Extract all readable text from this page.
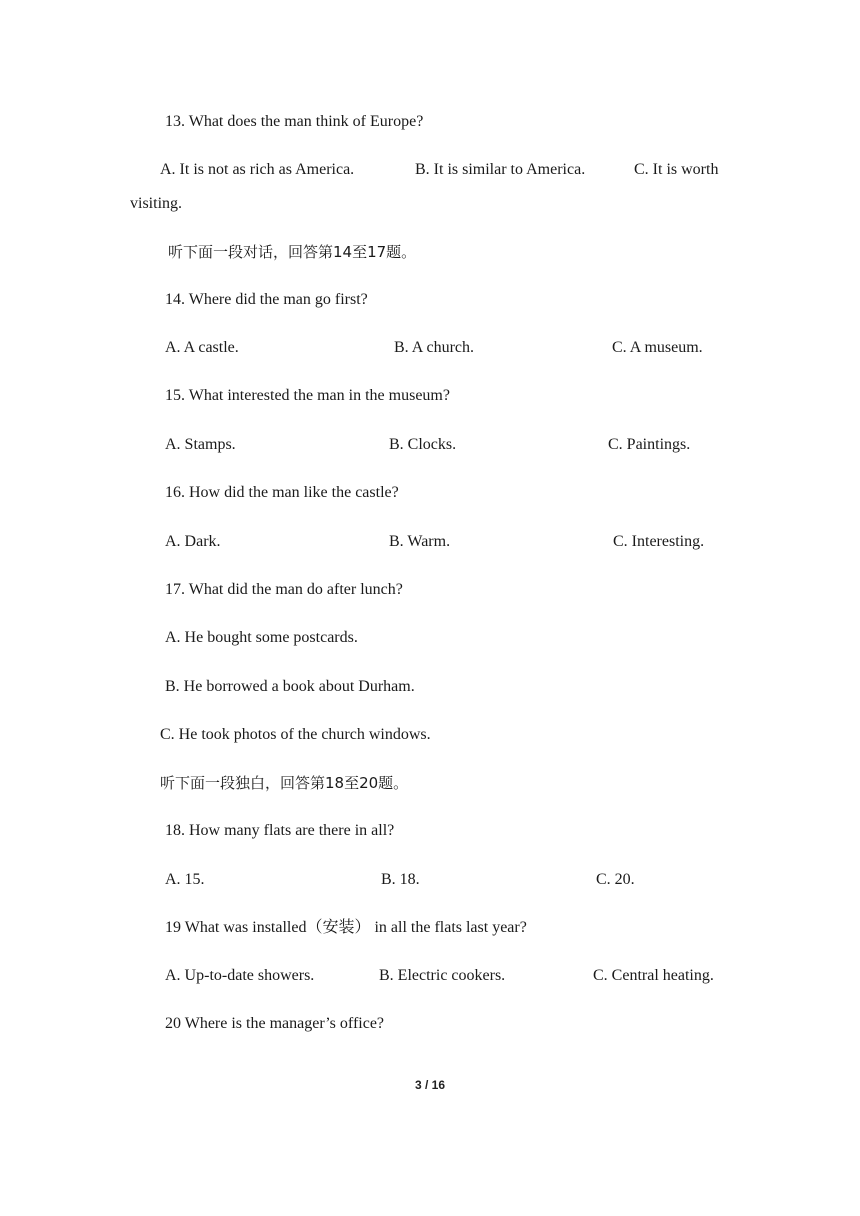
13. What does the man think of Europe?
A. It is not as rich as America.	B. It is similar to America.	C. It is worth
visiting.
听下面一段对话，回答第14至17题。
14. Where did the man go first?
A. A castle.	B. A church.	C. A museum.
15. What interested the man in the museum?
A. Stamps.	B. Clocks.	C. Paintings.
16. How did the man like the castle?
A. Dark.	B. Warm.	C. Interesting.
17. What did the man do after lunch?
A. He bought some postcards.
B. He borrowed a book about Durham.
C. He took photos of the church windows.
听下面一段独白，回答第18至20题。
18. How many flats are there in all?
A. 15.	B. 18.	C. 20.
19 What was installed（安装） in all the flats last year?
A. Up-to-date showers.	B. Electric cookers.	C. Central heating.
20 Where is the manager’s office?
3 / 16
